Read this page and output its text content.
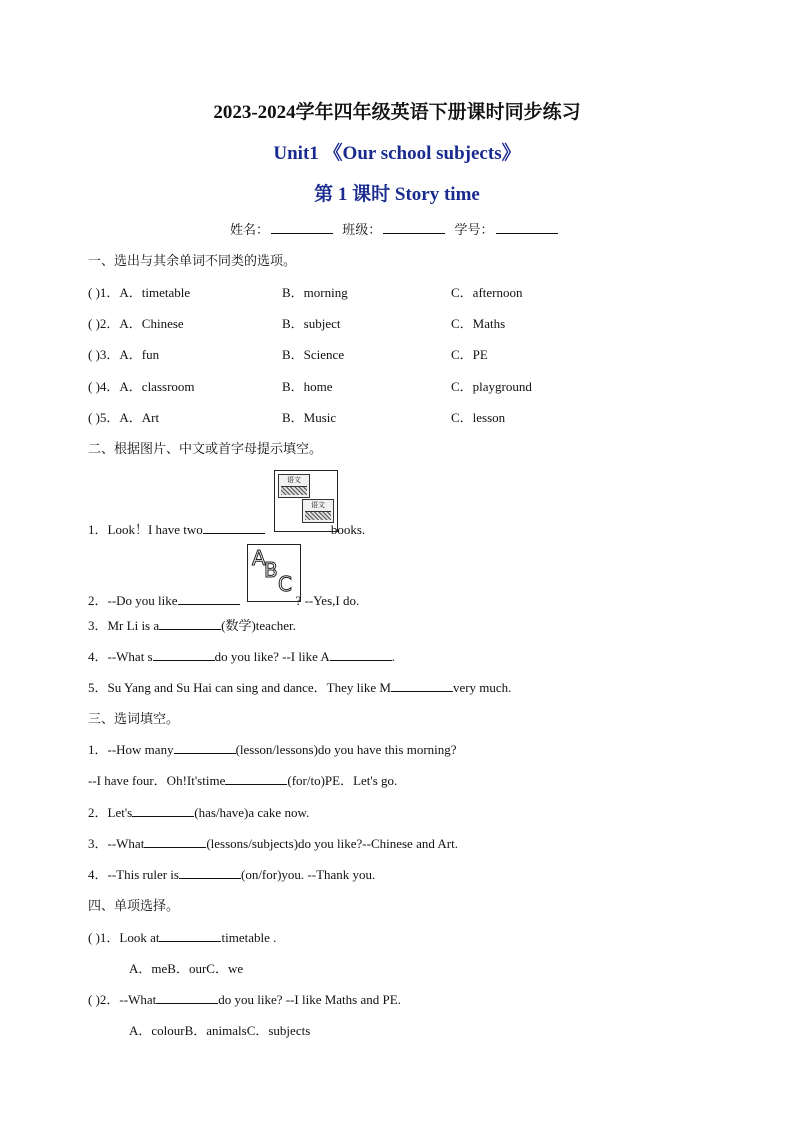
2023-2024学年四年级英语下册课时同步练习
Unit1 《Our school subjects》
第 1 课时 Story time
姓名：	班级：	学号：
一、选出与其余单词不同类的选项。
( )1．A．timetable	B．morning	C．afternoon
( )2．A．Chinese	B．subject	C．Maths
( )3．A．fun	B．Science	C．PE
( )4．A．classroom	B．home	C．playground
( )5．A．Art	B．Music	C．lesson
二、根据图片、中文或首字母提示填空。
语文
语文
1．Look！I have two	books.
A
B
C
2．--Do you like	? --Yes,I do.
3．Mr Li is a	(数学)teacher.
4．--What s	do you like? --I like A	.
5．Su Yang and Su Hai can sing and dance．They like M	very much.
三、选词填空。
1．--How many	(lesson/lessons)do you have this morning?
--I have four．Oh!It'stime	(for/to)PE．Let's go.
2．Let's	(has/have)a cake now.
3．--What	(lessons/subjects)do you like?--Chinese and Art.
4．--This ruler is	(on/for)you. --Thank you.
四、单项选择。
( )1．Look at	timetable .
A．meB．ourC．we
( )2．--What	do you like? --I like Maths and PE.
A．colourB．animalsC．subjects
